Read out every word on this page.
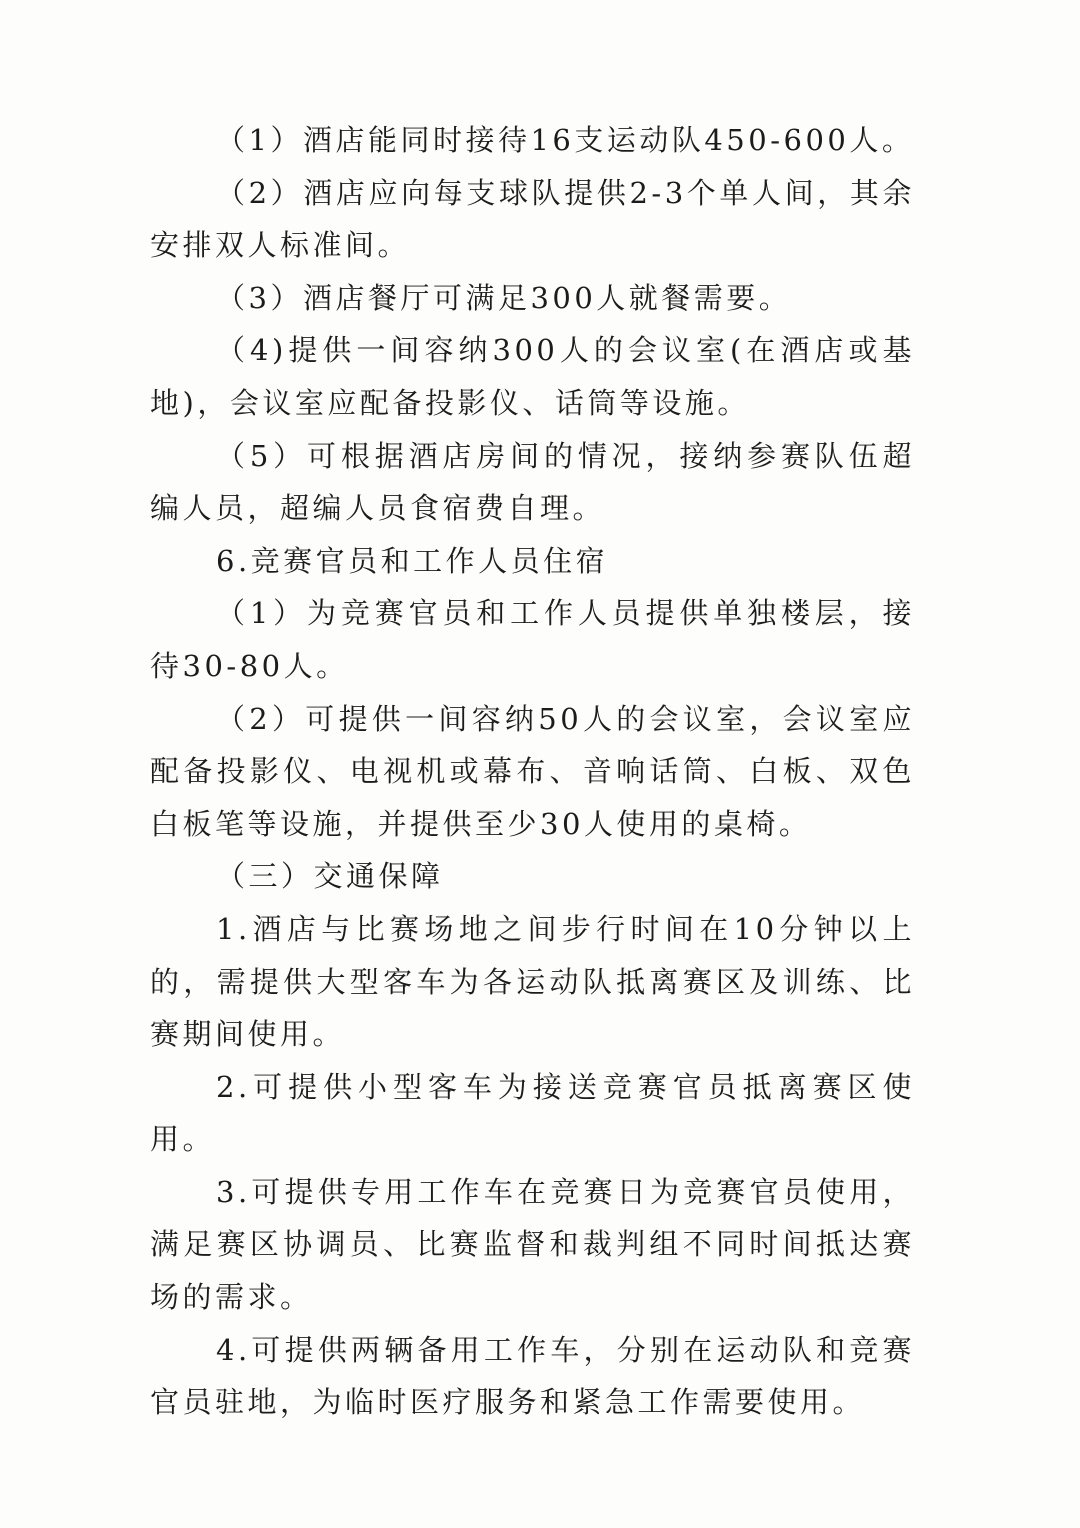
（1）酒店能同时接待16支运动队450-600人。

（2）酒店应向每支球队提供2-3个单人间，其余安排双人标准间。

（3）酒店餐厅可满足300人就餐需要。

（4)提供一间容纳300人的会议室(在酒店或基地)，会议室应配备投影仪、话筒等设施。

（5）可根据酒店房间的情况，接纳参赛队伍超编人员，超编人员食宿费自理。

6.竞赛官员和工作人员住宿

（1）为竞赛官员和工作人员提供单独楼层，接待30-80人。

（2）可提供一间容纳50人的会议室，会议室应配备投影仪、电视机或幕布、音响话筒、白板、双色白板笔等设施，并提供至少30人使用的桌椅。

（三）交通保障

1.酒店与比赛场地之间步行时间在10分钟以上的，需提供大型客车为各运动队抵离赛区及训练、比赛期间使用。

2.可提供小型客车为接送竞赛官员抵离赛区使用。

3.可提供专用工作车在竞赛日为竞赛官员使用，满足赛区协调员、比赛监督和裁判组不同时间抵达赛场的需求。

4.可提供两辆备用工作车，分别在运动队和竞赛官员驻地，为临时医疗服务和紧急工作需要使用。
